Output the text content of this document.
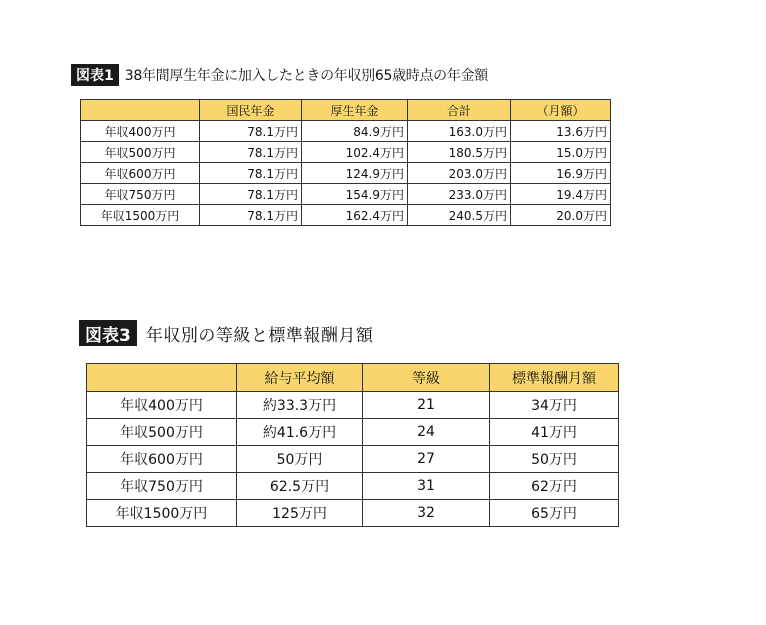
図表1 38年間厚生年金に加入したときの年収別65歳時点の年金額
	国民年金	厚生年金	合計	（月額）
年収400万円	78.1万円	84.9万円	163.0万円	13.6万円
年収500万円	78.1万円	102.4万円	180.5万円	15.0万円
年収600万円	78.1万円	124.9万円	203.0万円	16.9万円
年収750万円	78.1万円	154.9万円	233.0万円	19.4万円
年収1500万円	78.1万円	162.4万円	240.5万円	20.0万円
図表3 年収別の等級と標準報酬月額
	給与平均額	等級	標準報酬月額
年収400万円	約33.3万円	21	34万円
年収500万円	約41.6万円	24	41万円
年収600万円	50万円	27	50万円
年収750万円	62.5万円	31	62万円
年収1500万円	125万円	32	65万円
